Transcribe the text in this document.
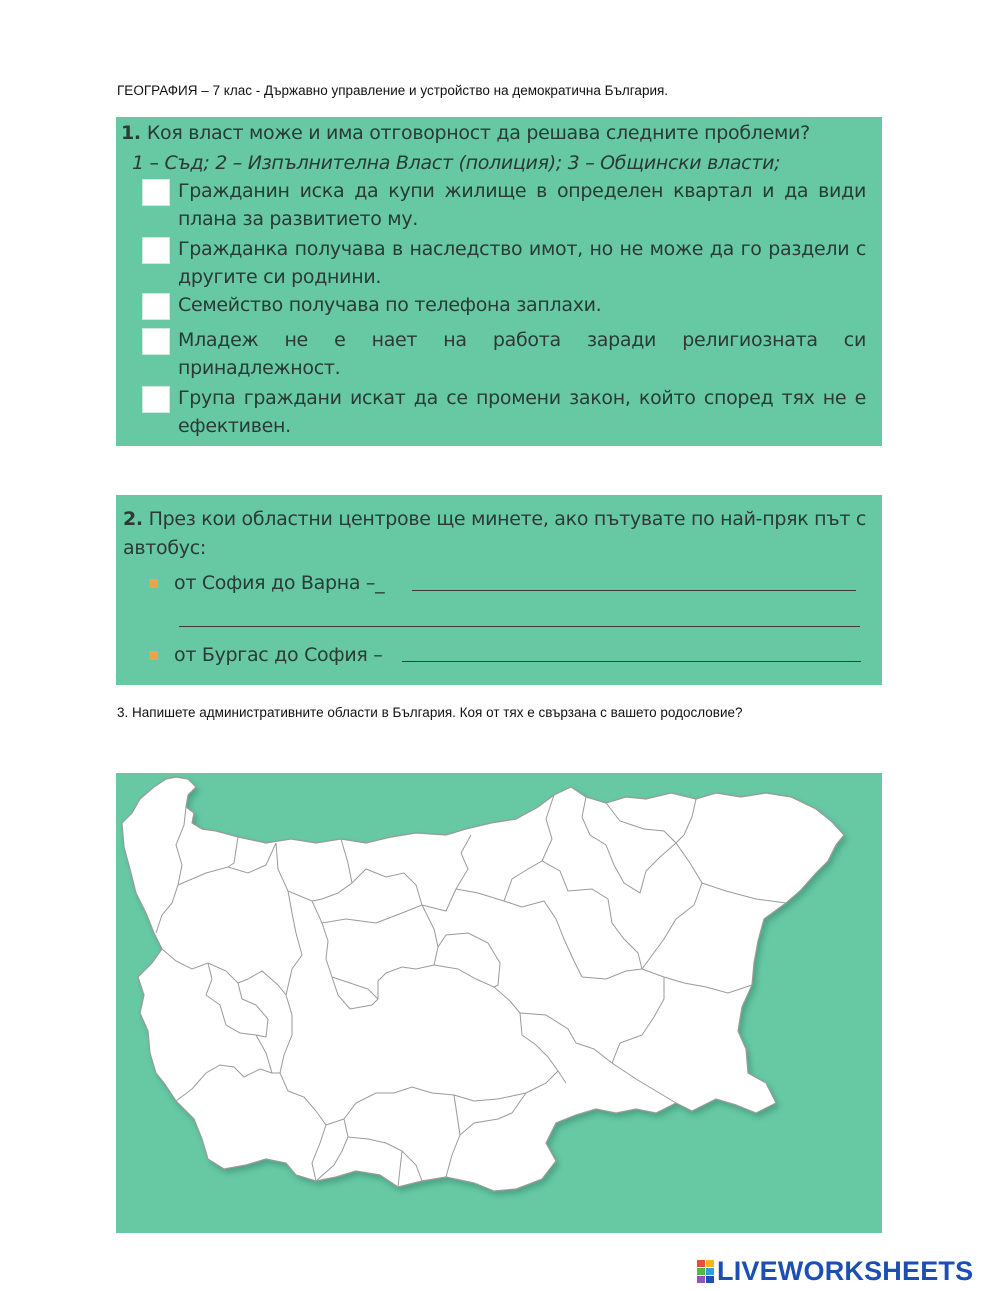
ГЕОГРАФИЯ – 7 клас - Държавно управление и устройство на демократична България.
1. Коя власт може и има отговорност да решава следните проблеми?
1 – Съд; 2 – Изпълнителна Власт (полиция); 3 – Общински власти;
Гражданин иска да купи жилище в определен квартал и да види плана за развитието му.
Гражданка получава в наследство имот, но не може да го раздели с другите си роднини.
Семейство получава по телефона заплахи.
Младеж не е нает на работа заради религиозната си принадлежност.
Група граждани искат да се промени закон, който според тях не е ефективен.
2. През кои областни центрове ще минете, ако пътувате по най-пряк път с автобус:
от София до Варна –_
от Бургас до София –
3. Напишете административните области в България. Коя от тях е свързана с вашето родословие?
LIVEWORKSHEETS
